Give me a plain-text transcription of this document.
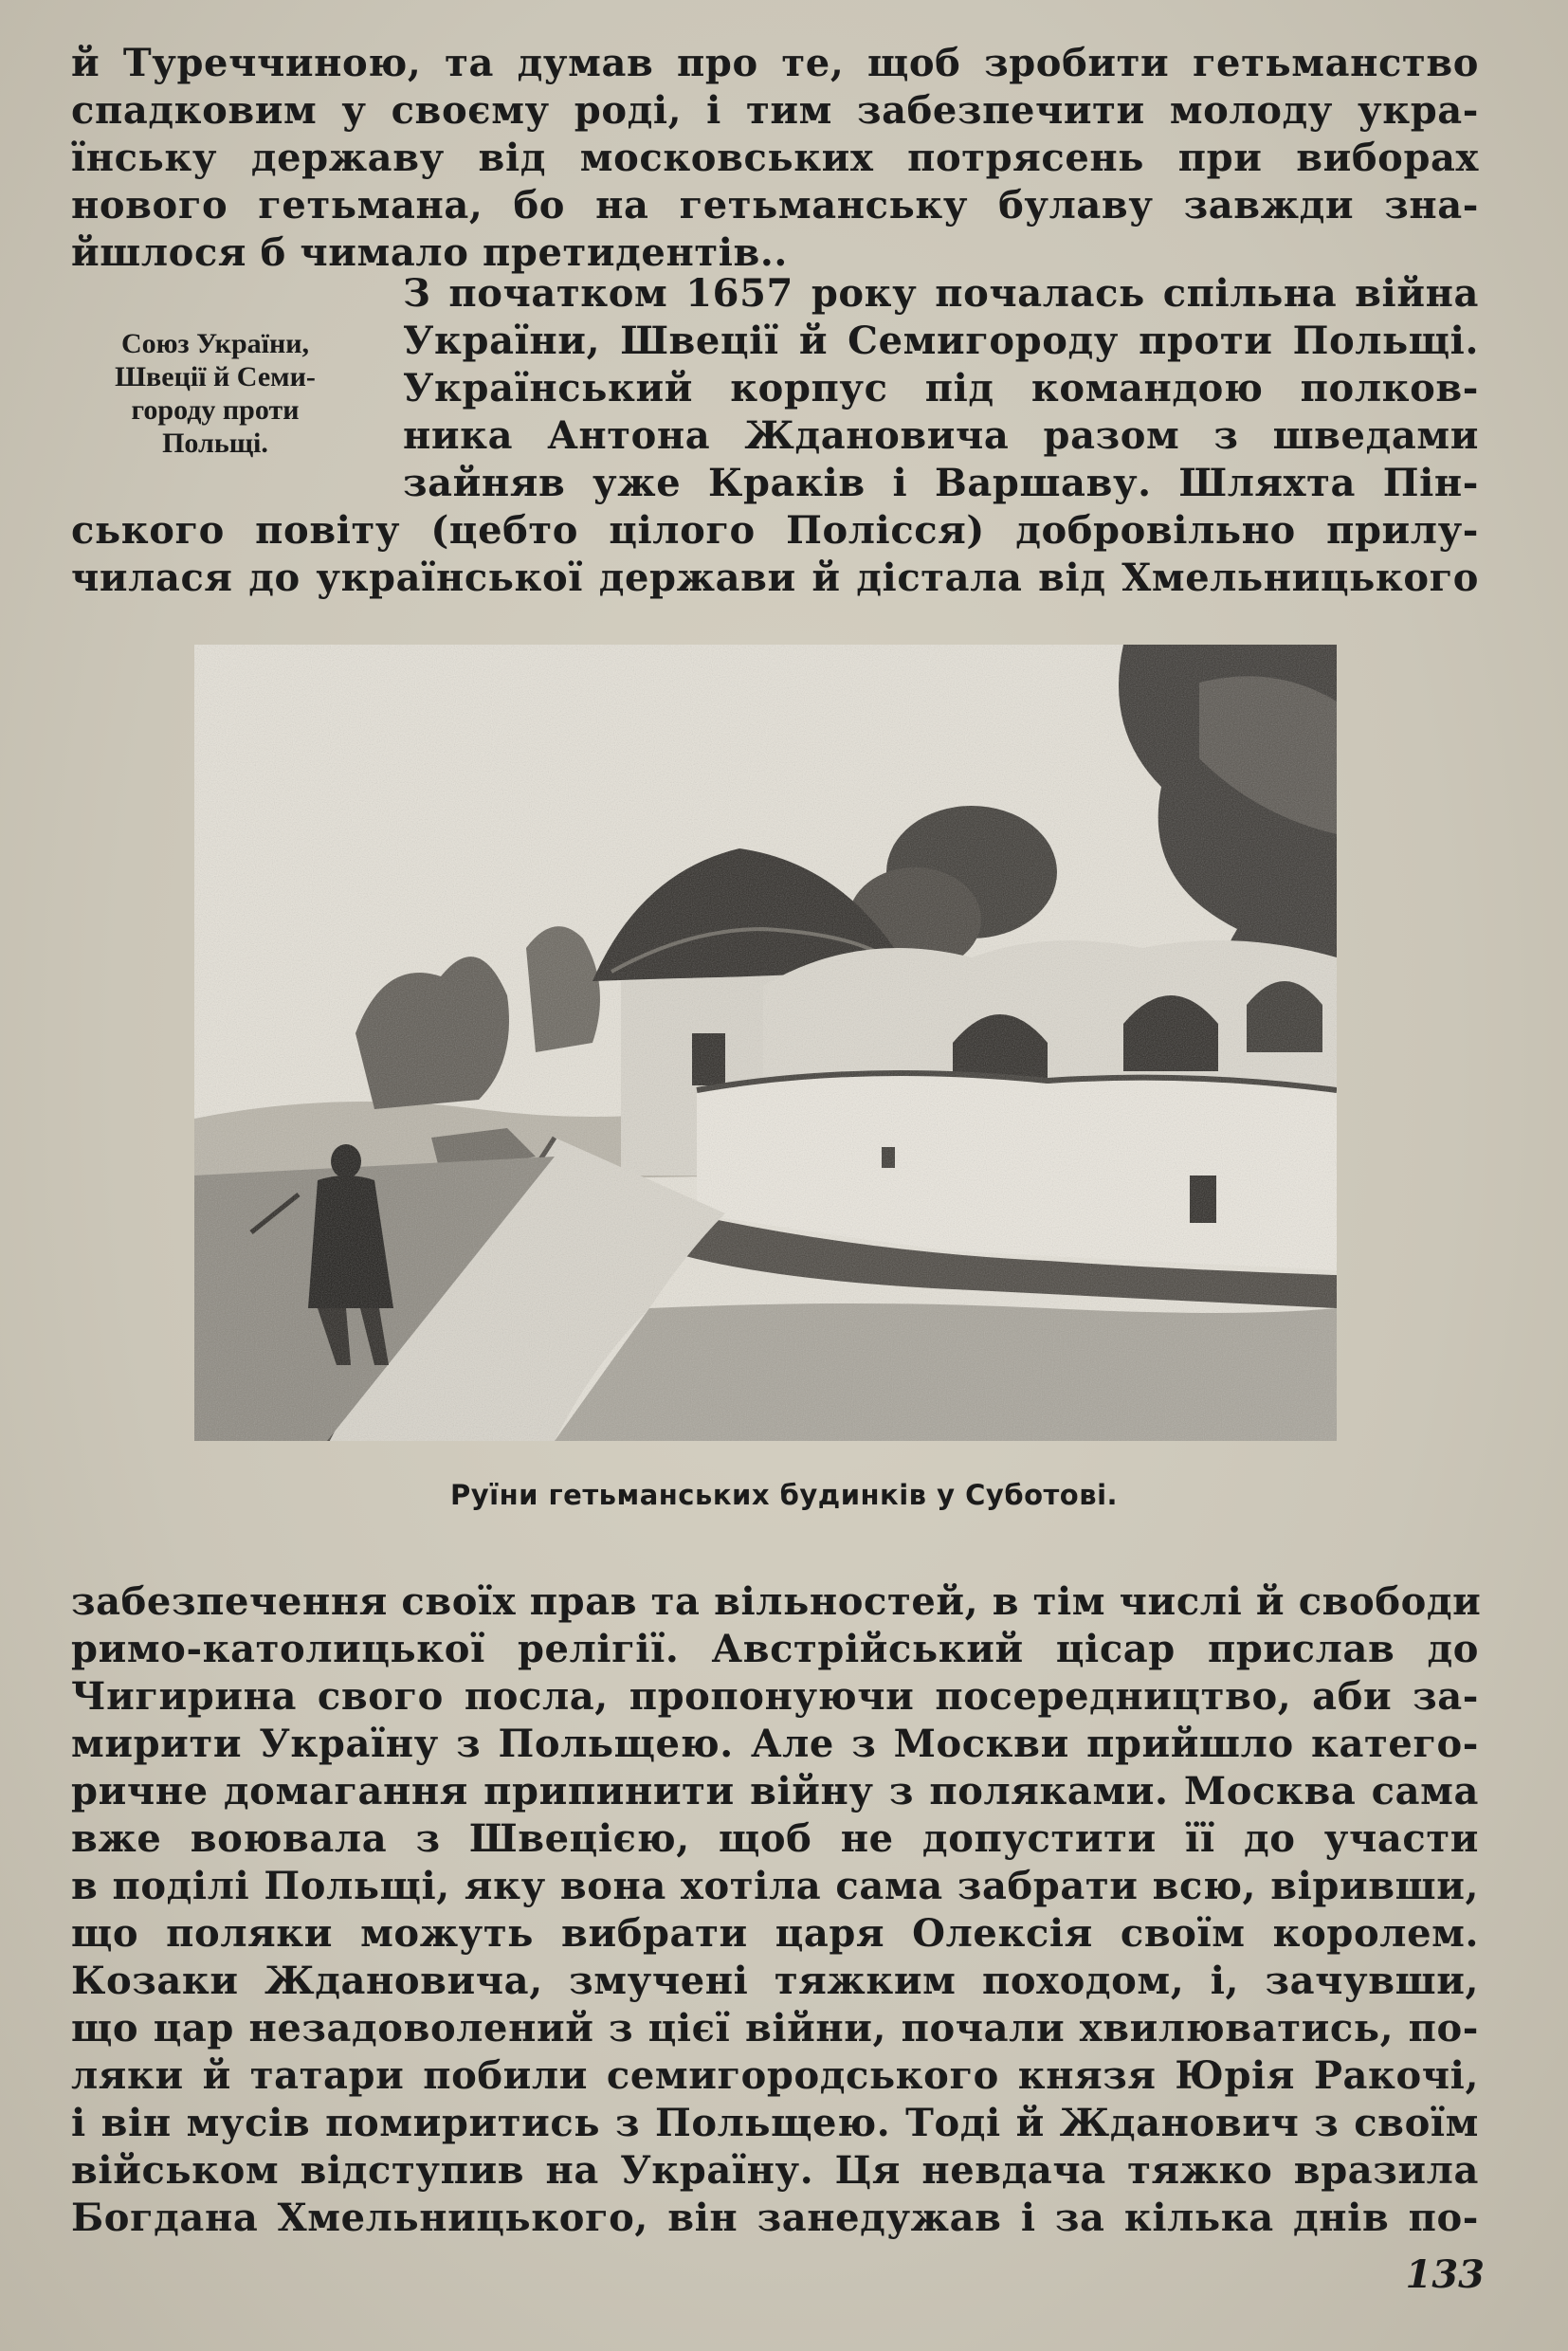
й Туреччиною, та думав про те, щоб зробити гетьманство
спадковим у своєму роді, і тим забезпечити молоду укра-
їнську державу від московських потрясень при виборах
нового гетьмана, бо на гетьманську булаву завжди зна-
йшлося б чимало претидентів..
Союз України,
Швеції й Семи-
городу проти
Польщі.
З початком 1657 року почалась спільна війна
України, Швеції й Семигороду проти Польщі.
Український корпус під командою полков-
ника Антона Ждановича разом з шведами
зайняв уже Краків і Варшаву. Шляхта Пін-
ського повіту (цебто цілого Полісся) добровільно прилу-
чилася до української держави й дістала від Хмельницького
Руїни гетьманських будинків у Суботові.
забезпечення своїх прав та вільностей, в тім числі й свободи
римо-католицької релігії. Австрійський цісар прислав до
Чигирина свого посла, пропонуючи посередництво, аби за-
мирити Україну з Польщею. Але з Москви прийшло катего-
ричне домагання припинити війну з поляками. Москва сама
вже воювала з Швецією, щоб не допустити її до участи
в поділі Польщі, яку вона хотіла сама забрати всю, віривши,
що поляки можуть вибрати царя Олексія своїм королем.
Козаки Ждановича, змучені тяжким походом, і, зачувши,
що цар незадоволений з цієї війни, почали хвилюватись, по-
ляки й татари побили семигородського князя Юрія Ракочі,
і він мусів помиритись з Польщею. Тоді й Жданович з своїм
військом відступив на Україну. Ця невдача тяжко вразила
Богдана Хмельницького, він занедужав і за кілька днів по-
133
